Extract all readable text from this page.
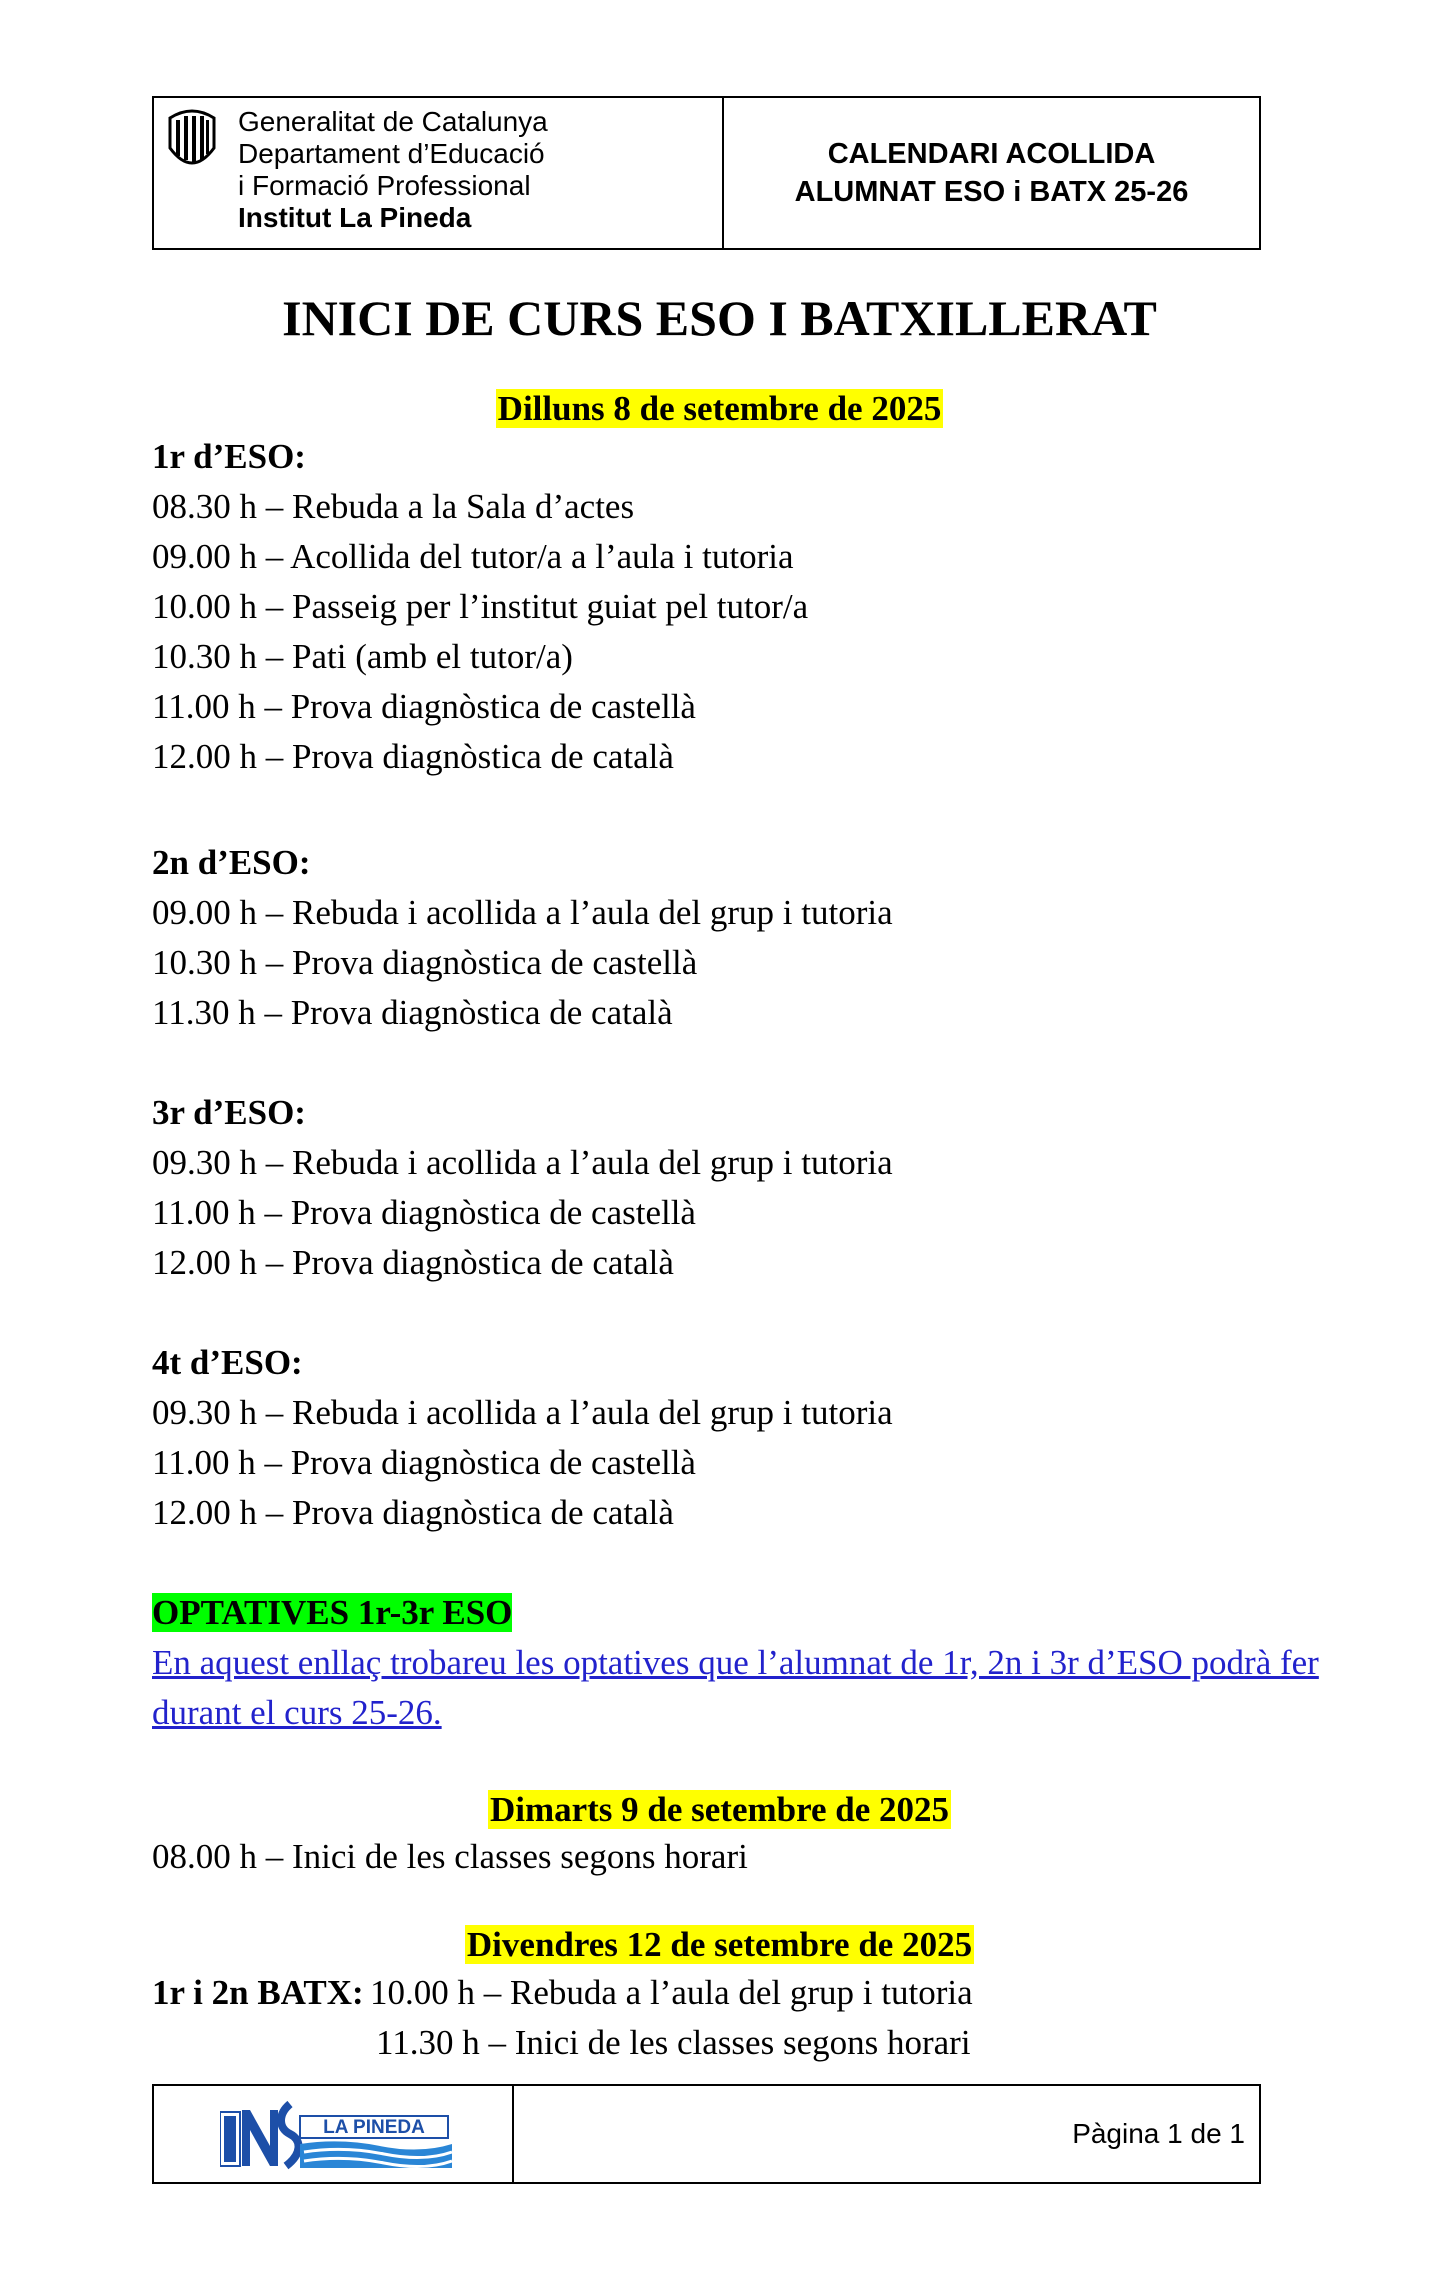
Generalitat de Catalunya
Departament d’Educació
i Formació Professional
Institut La Pineda
CALENDARI ACOLLIDA
ALUMNAT ESO i BATX 25-26
INICI DE CURS ESO I BATXILLERAT
Dilluns 8 de setembre de 2025
1r d’ESO:
08.30 h – Rebuda a la Sala d’actes
09.00 h – Acollida del tutor/a a l’aula i tutoria
10.00 h – Passeig per l’institut guiat pel tutor/a
10.30 h – Pati (amb el tutor/a)
11.00 h – Prova diagnòstica de castellà
12.00 h – Prova diagnòstica de català
2n d’ESO:
09.00 h – Rebuda i acollida a l’aula del grup i tutoria
10.30 h – Prova diagnòstica de castellà
11.30 h – Prova diagnòstica de català
3r d’ESO:
09.30 h – Rebuda i acollida a l’aula del grup i tutoria
11.00 h – Prova diagnòstica de castellà
12.00 h – Prova diagnòstica de català
4t d’ESO:
09.30 h – Rebuda i acollida a l’aula del grup i tutoria
11.00 h – Prova diagnòstica de castellà
12.00 h – Prova diagnòstica de català
OPTATIVES 1r-3r ESO
En aquest enllaç trobareu les optatives que l’alumnat de 1r, 2n i 3r d’ESO podrà fer
durant el curs 25-26.
Dimarts 9 de setembre de 2025
08.00 h – Inici de les classes segons horari
Divendres 12 de setembre de 2025
1r i 2n BATX: 10.00 h – Rebuda a l’aula del grup i tutoria
11.30 h – Inici de les classes segons horari
LA PINEDA	Pàgina 1 de 1
